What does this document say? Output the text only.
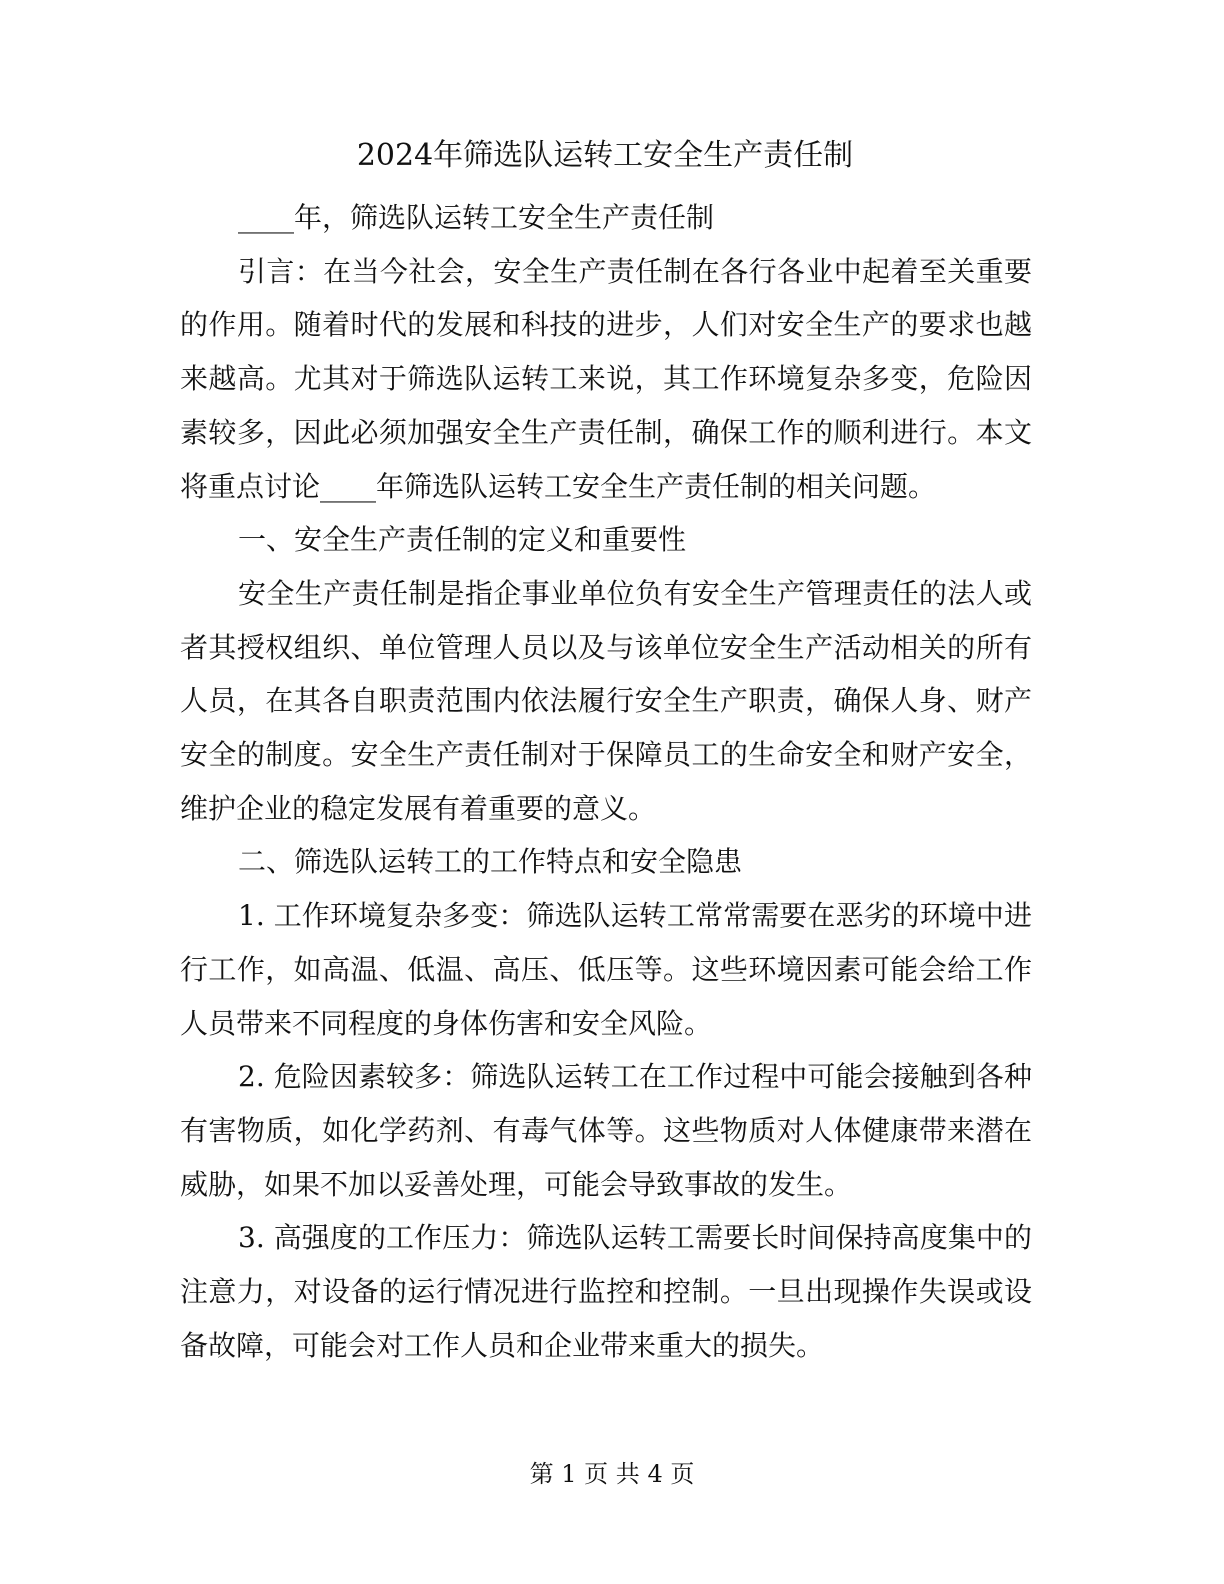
2024年筛选队运转工安全生产责任制

____年，筛选队运转工安全生产责任制

引言：在当今社会，安全生产责任制在各行各业中起着至关重要的作用。随着时代的发展和科技的进步，人们对安全生产的要求也越来越高。尤其对于筛选队运转工来说，其工作环境复杂多变，危险因素较多，因此必须加强安全生产责任制，确保工作的顺利进行。本文将重点讨论____年筛选队运转工安全生产责任制的相关问题。

一、安全生产责任制的定义和重要性

安全生产责任制是指企事业单位负有安全生产管理责任的法人或者其授权组织、单位管理人员以及与该单位安全生产活动相关的所有人员，在其各自职责范围内依法履行安全生产职责，确保人身、财产安全的制度。安全生产责任制对于保障员工的生命安全和财产安全，维护企业的稳定发展有着重要的意义。

二、筛选队运转工的工作特点和安全隐患

1. 工作环境复杂多变：筛选队运转工常常需要在恶劣的环境中进行工作，如高温、低温、高压、低压等。这些环境因素可能会给工作人员带来不同程度的身体伤害和安全风险。

2. 危险因素较多：筛选队运转工在工作过程中可能会接触到各种有害物质，如化学药剂、有毒气体等。这些物质对人体健康带来潜在威胁，如果不加以妥善处理，可能会导致事故的发生。

3. 高强度的工作压力：筛选队运转工需要长时间保持高度集中的注意力，对设备的运行情况进行监控和控制。一旦出现操作失误或设备故障，可能会对工作人员和企业带来重大的损失。

第 1 页 共 4 页
